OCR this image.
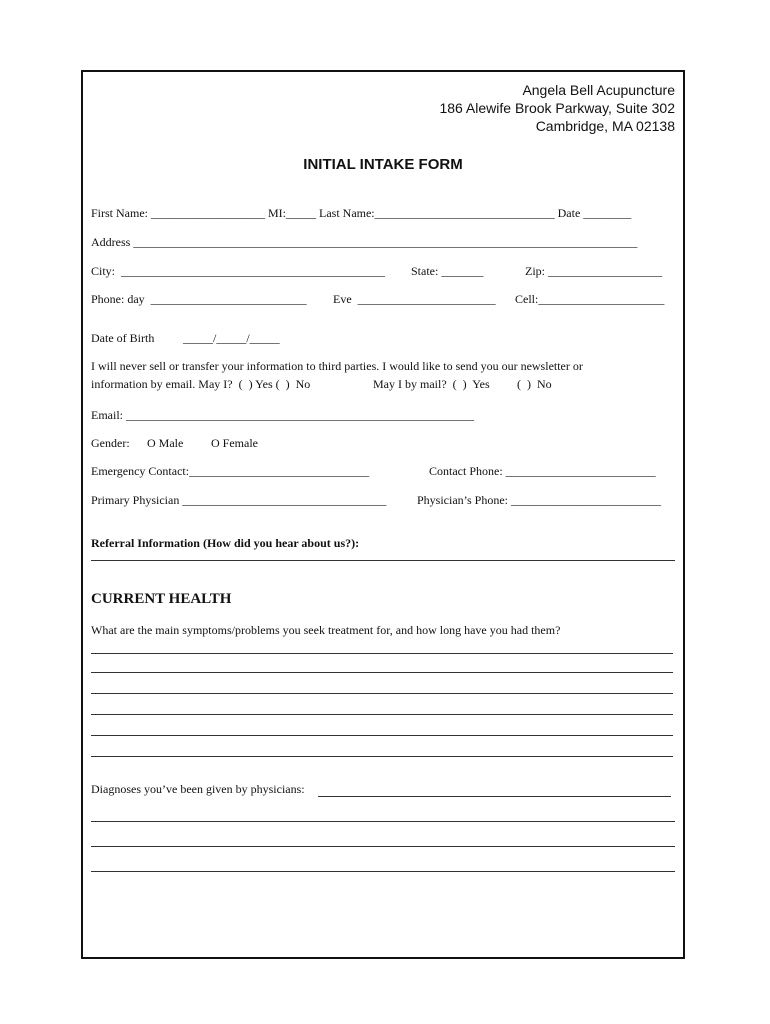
Angela Bell Acupuncture
186 Alewife Brook Parkway, Suite 302
Cambridge, MA 02138
INITIAL INTAKE FORM
First Name: ___________________ MI:_____ Last Name:______________________________ Date ________
Address ____________________________________________________________________________________
City:  ____________________________________________ State: _______	Zip: ___________________
Phone: day  __________________________ Eve  _______________________ Cell:_____________________
Date of Birth _____/_____/_____
I will never sell or transfer your information to third parties. I would like to send you our newsletter or
information by email. May I?  (  ) Yes (  )  No	May I by mail?  (  )  Yes (  )  No
Email: __________________________________________________________
Gender: O Male O Female
Emergency Contact:______________________________	Contact Phone: _________________________
Primary Physician __________________________________	Physician’s Phone: _________________________
Referral Information (How did you hear about us?):
CURRENT HEALTH
What are the main symptoms/problems you seek treatment for, and how long have you had them?
Diagnoses you’ve been given by physicians:
